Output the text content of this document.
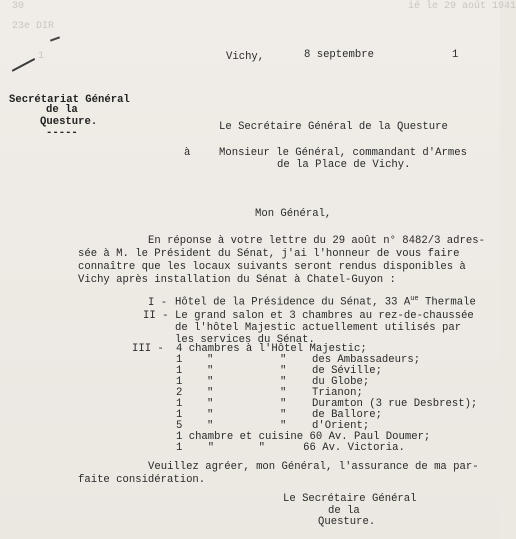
ié le 29 août 1941
30
23e DIR
1	Vichy,	8 septembre	1
Secrétariat Général
de la
Questure.
-----	Le Secrétaire Général de la Questure
à	Monsieur le Général, commandant d'Armes
de la Place de Vichy.
Mon Général,
En réponse à votre lettre du 29 août n° 8482/3 adres-
sée à M. le Président du Sénat, j'ai l'honneur de vous faire
connaître que les locaux suivants seront rendus disponibles à
Vichy après installation du Sénat à Chatel-Guyon :
I - Hôtel de la Présidence du Sénat, 33 $A^{ue}$ Thermale
II - Le grand salon et 3 chambres au rez-de-chaussée
de l'hôtel Majestic actuellement utilisés par
les services du Sénat.
III - 4 chambres à l'Hôtel Majestic;
1 "	" des Ambassadeurs;
1 "	" de Séville;
1 "	" du Globe;
2 "	" Trianon;
1 "	" Duramton (3 rue Desbrest);
1 "	" de Ballore;
5 "	" d'Orient;
1 chambre et cuisine 60 Av. Paul Doumer;
1    "       "      66 Av. Victoria.
Veuillez agréer, mon Général, l'assurance de ma par-
faite considération.
Le Secrétaire Général
de la
Questure.
